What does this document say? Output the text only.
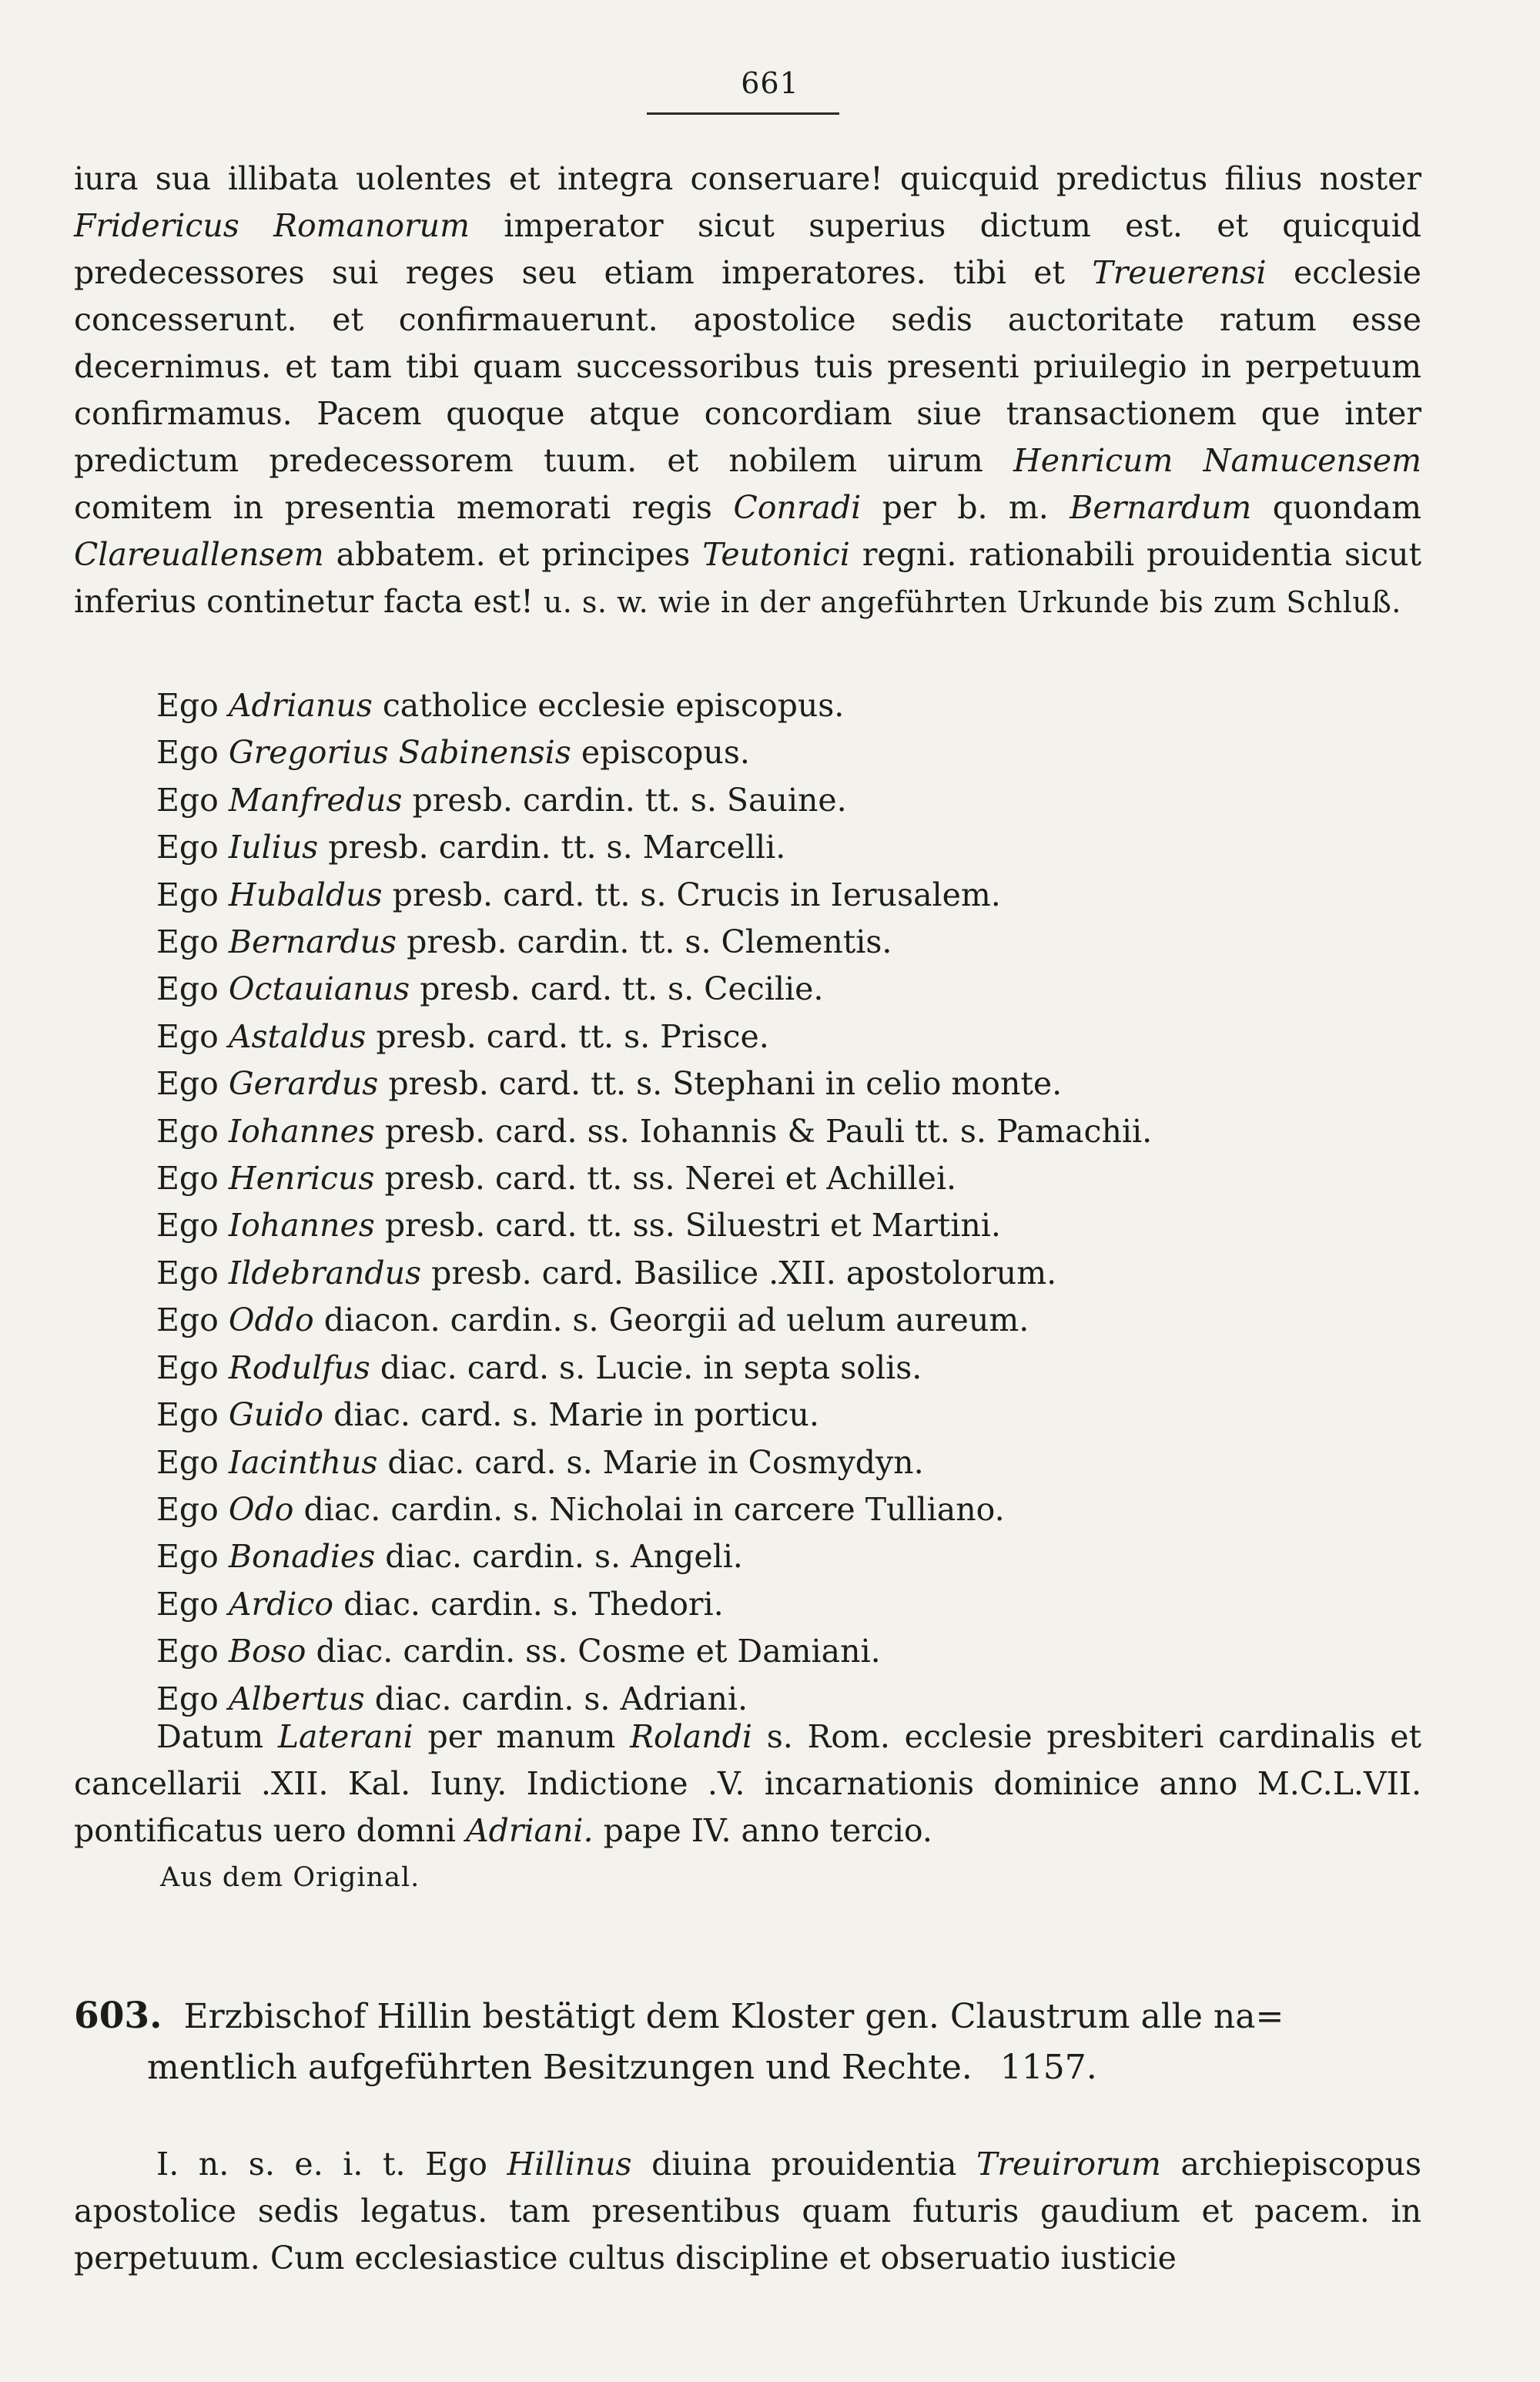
661

iura sua illibata uolentes et integra conseruare! quicquid predictus filius noster Fridericus Romanorum imperator sicut superius dictum est. et quicquid predecessores sui reges seu etiam imperatores. tibi et Treuerensi ecclesie concesserunt. et confirmauerunt. apostolice sedis auctoritate ratum esse decernimus. et tam tibi quam successoribus tuis presenti priuilegio in perpetuum confirmamus. Pacem quoque atque concordiam siue transactionem que inter predictum predecessorem tuum. et nobilem uirum Henricum Namucensem comitem in presentia memorati regis Conradi per b. m. Bernardum quondam Clareuallensem abbatem. et principes Teutonici regni. rationabili prouidentia sicut inferius continetur facta est! u. s. w. wie in der angeführten Urkunde bis zum Schluß.

Ego Adrianus catholice ecclesie episcopus.
Ego Gregorius Sabinensis episcopus.
Ego Manfredus presb. cardin. tt. s. Sauine.
Ego Iulius presb. cardin. tt. s. Marcelli.
Ego Hubaldus presb. card. tt. s. Crucis in Ierusalem.
Ego Bernardus presb. cardin. tt. s. Clementis.
Ego Octauianus presb. card. tt. s. Cecilie.
Ego Astaldus presb. card. tt. s. Prisce.
Ego Gerardus presb. card. tt. s. Stephani in celio monte.
Ego Iohannes presb. card. ss. Iohannis & Pauli tt. s. Pamachii.
Ego Henricus presb. card. tt. ss. Nerei et Achillei.
Ego Iohannes presb. card. tt. ss. Siluestri et Martini.
Ego Ildebrandus presb. card. Basilice .XII. apostolorum.
Ego Oddo diacon. cardin. s. Georgii ad uelum aureum.
Ego Rodulfus diac. card. s. Lucie. in septa solis.
Ego Guido diac. card. s. Marie in porticu.
Ego Iacinthus diac. card. s. Marie in Cosmydyn.
Ego Odo diac. cardin. s. Nicholai in carcere Tulliano.
Ego Bonadies diac. cardin. s. Angeli.
Ego Ardico diac. cardin. s. Thedori.
Ego Boso diac. cardin. ss. Cosme et Damiani.
Ego Albertus diac. cardin. s. Adriani.

Datum Laterani per manum Rolandi s. Rom. ecclesie presbiteri cardinalis et cancellarii .XII. Kal. Iuny. Indictione .V. incarnationis dominice anno M.C.L.VII. pontificatus uero domni Adriani. pape IV. anno tercio.

Aus dem Original.
603. Erzbischof Hillin bestätigt dem Kloster gen. Claustrum alle na=
mentlich aufgeführten Besitzungen und Rechte. 1157.

I. n. s. e. i. t. Ego Hillinus diuina prouidentia Treuirorum archiepiscopus apostolice sedis legatus. tam presentibus quam futuris gaudium et pacem. in perpetuum. Cum ecclesiastice cultus discipline et obseruatio iusticie
